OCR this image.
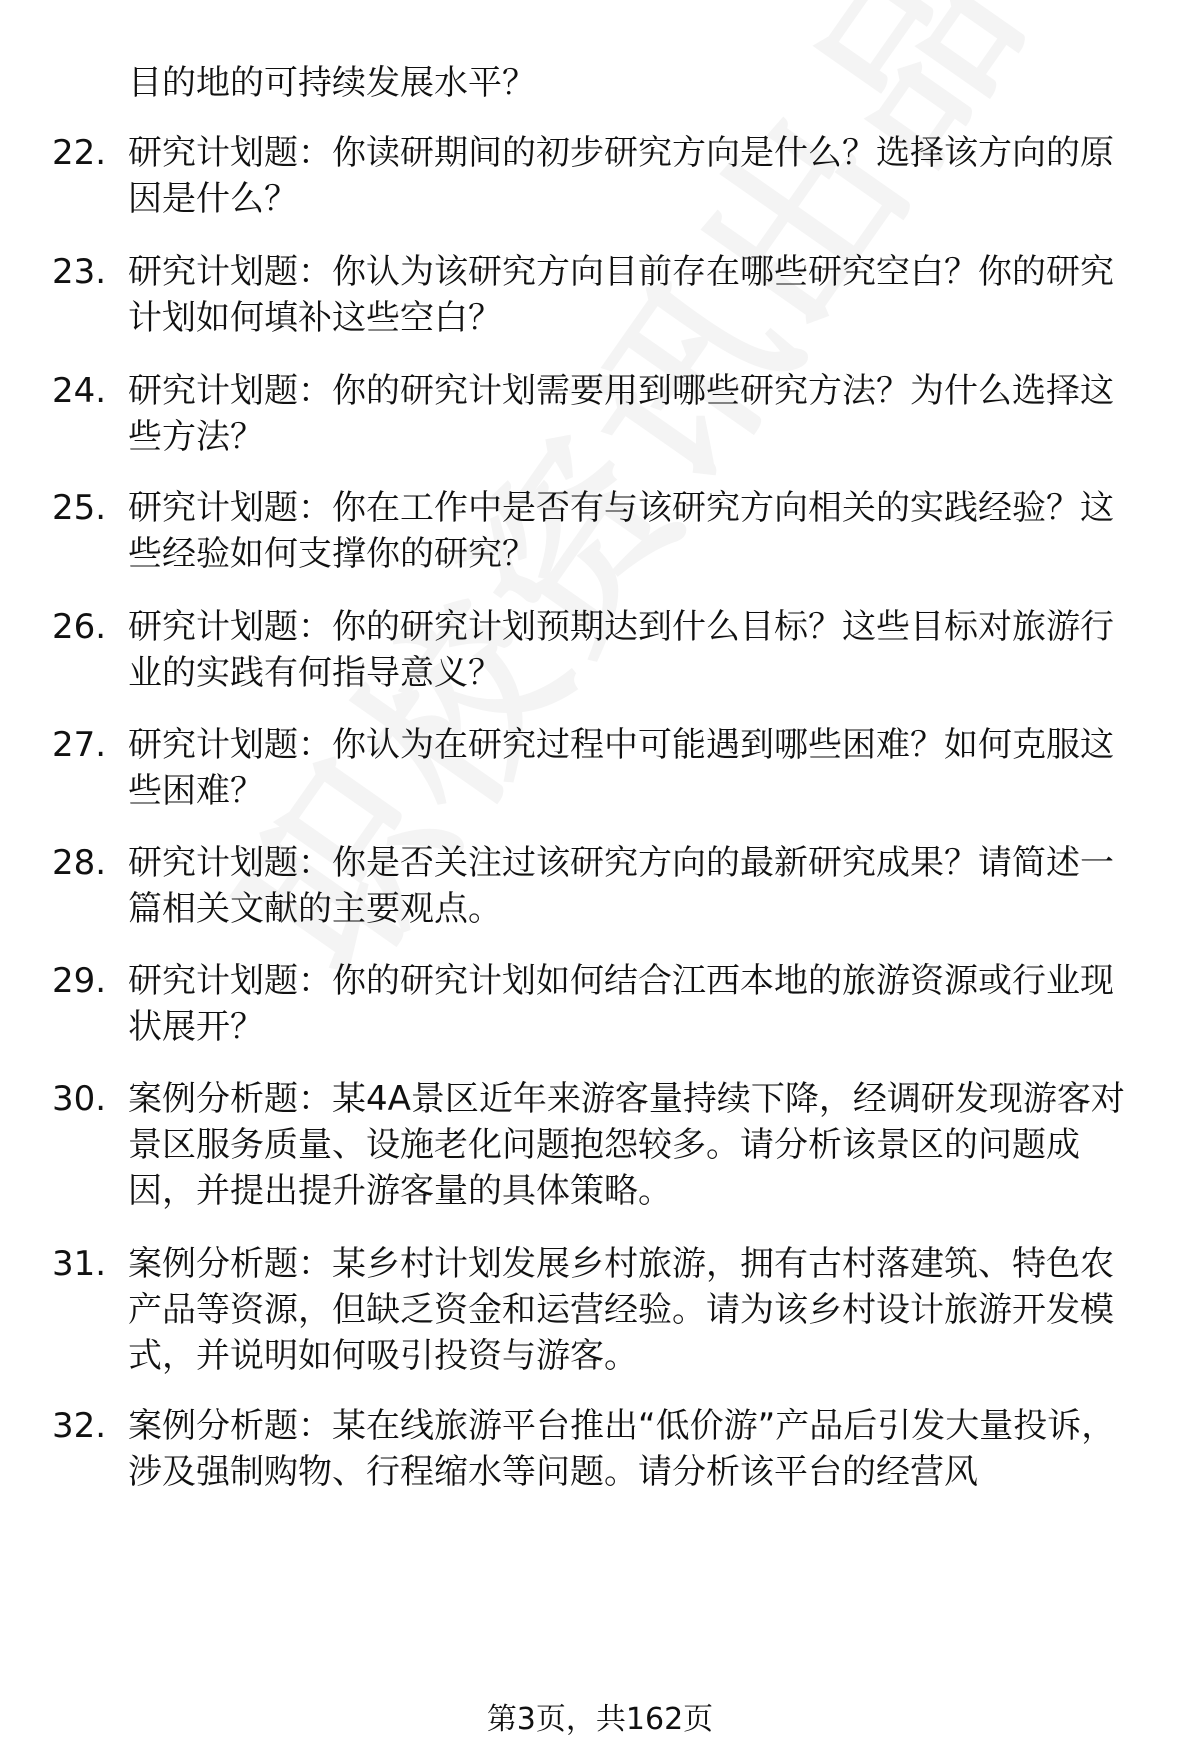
目的地的可持续发展水平？
22. 研究计划题：你读研期间的初步研究方向是什么？选择该方向的原因是什么？
23. 研究计划题：你认为该研究方向目前存在哪些研究空白？你的研究计划如何填补这些空白？
24. 研究计划题：你的研究计划需要用到哪些研究方法？为什么选择这些方法？
25. 研究计划题：你在工作中是否有与该研究方向相关的实践经验？这些经验如何支撑你的研究？
26. 研究计划题：你的研究计划预期达到什么目标？这些目标对旅游行业的实践有何指导意义？
27. 研究计划题：你认为在研究过程中可能遇到哪些困难？如何克服这些困难？
28. 研究计划题：你是否关注过该研究方向的最新研究成果？请简述一篇相关文献的主要观点。
29. 研究计划题：你的研究计划如何结合江西本地的旅游资源或行业现状展开？
30. 案例分析题：某4A景区近年来游客量持续下降，经调研发现游客对景区服务质量、设施老化问题抱怨较多。请分析该景区的问题成因，并提出提升游客量的具体策略。
31. 案例分析题：某乡村计划发展乡村旅游，拥有古村落建筑、特色农产品等资源，但缺乏资金和运营经验。请为该乡村设计旅游开发模式，并说明如何吸引投资与游客。
32. 案例分析题：某在线旅游平台推出“低价游”产品后引发大量投诉，涉及强制购物、行程缩水等问题。请分析该平台的经营风
第3页，共162页
